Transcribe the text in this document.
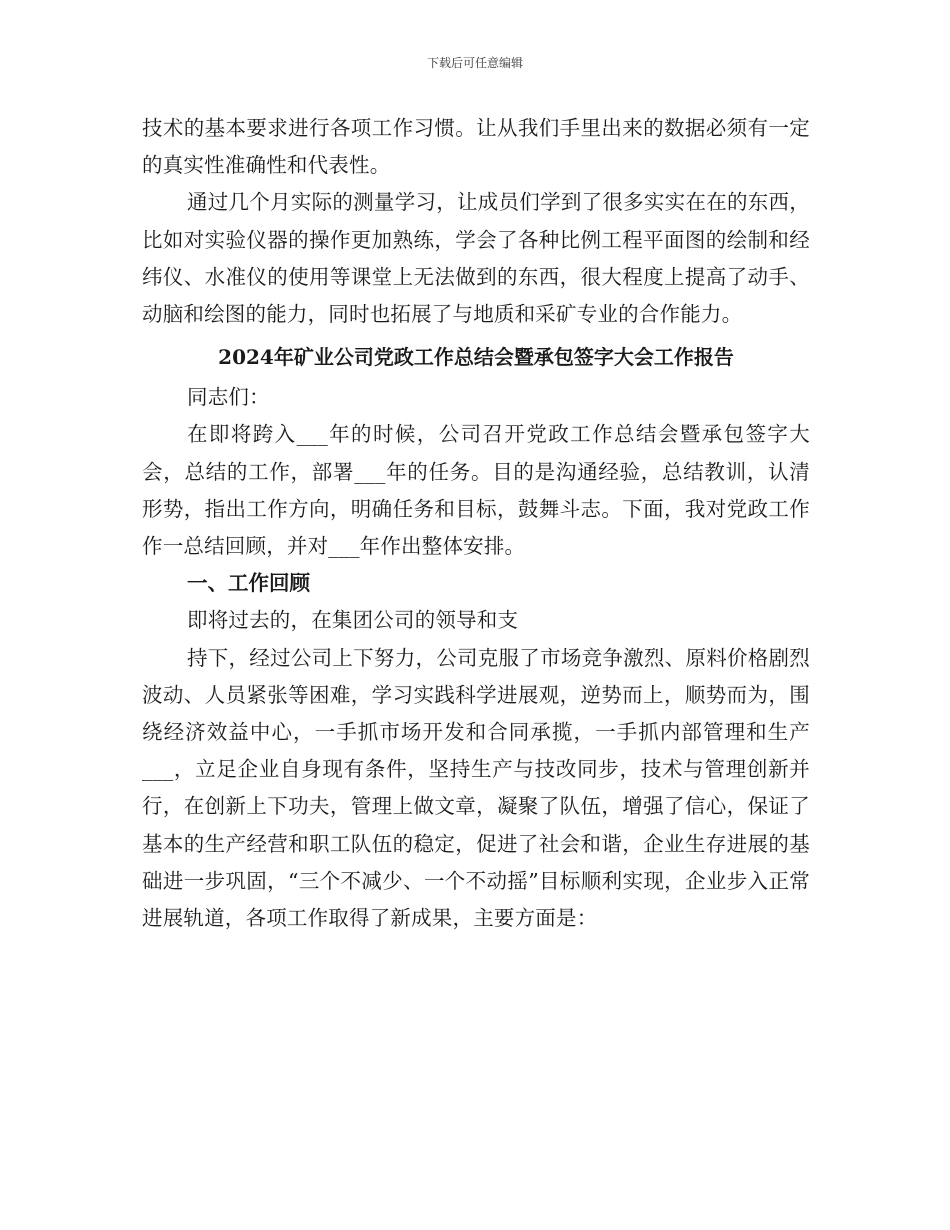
下载后可任意编辑

技术的基本要求进行各项工作习惯。让从我们手里出来的数据必须有一定的真实性准确性和代表性。

通过几个月实际的测量学习，让成员们学到了很多实实在在的东西，比如对实验仪器的操作更加熟练，学会了各种比例工程平面图的绘制和经纬仪、水准仪的使用等课堂上无法做到的东西，很大程度上提高了动手、动脑和绘图的能力，同时也拓展了与地质和采矿专业的合作能力。

2024年矿业公司党政工作总结会暨承包签字大会工作报告

同志们：

在即将跨入___年的时候，公司召开党政工作总结会暨承包签字大会，总结的工作，部署___年的任务。目的是沟通经验，总结教训，认清形势，指出工作方向，明确任务和目标，鼓舞斗志。下面，我对党政工作作一总结回顾，并对___年作出整体安排。

一、工作回顾

即将过去的，在集团公司的领导和支

持下，经过公司上下努力，公司克服了市场竞争激烈、原料价格剧烈波动、人员紧张等困难，学习实践科学进展观，逆势而上，顺势而为，围绕经济效益中心，一手抓市场开发和合同承揽，一手抓内部管理和生产___，立足企业自身现有条件，坚持生产与技改同步，技术与管理创新并行，在创新上下功夫，管理上做文章，凝聚了队伍，增强了信心，保证了基本的生产经营和职工队伍的稳定，促进了社会和谐，企业生存进展的基础进一步巩固，“三个不减少、一个不动摇”目标顺利实现，企业步入正常进展轨道，各项工作取得了新成果，主要方面是：
